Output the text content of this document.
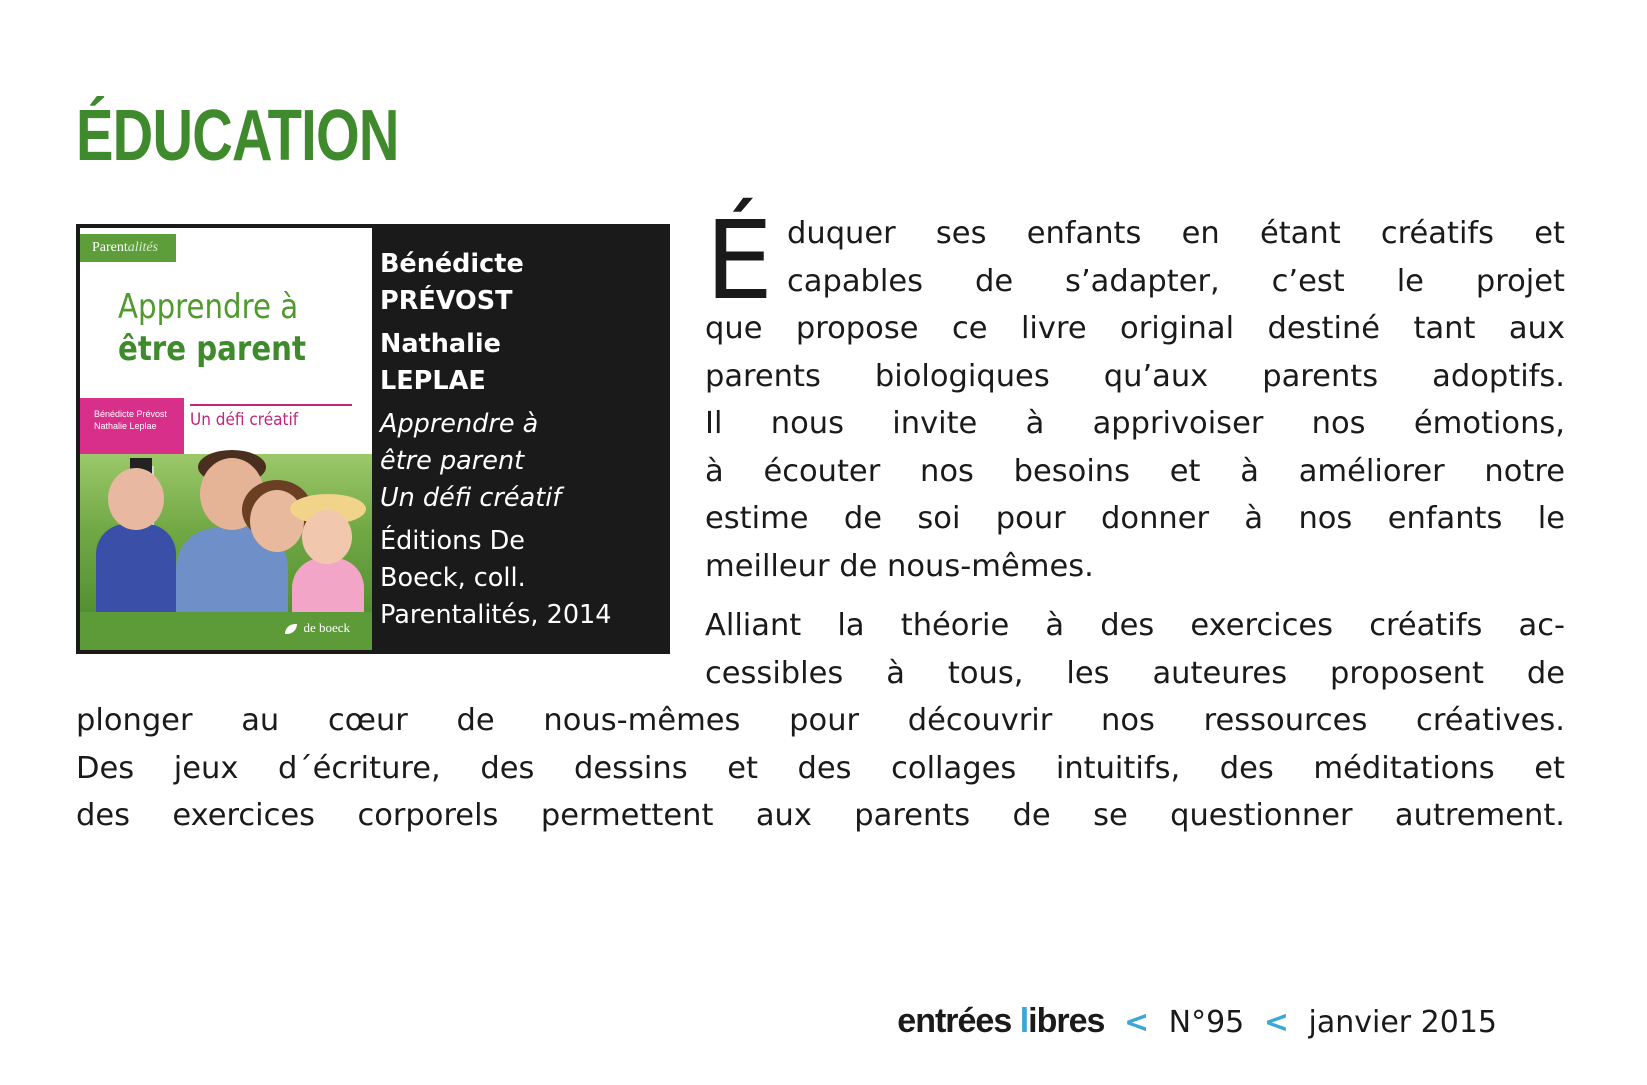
ÉDUCATION
Parentalités
Apprendre à
être parent
Bénédicte Prévost
Nathalie Leplae	Un défi créatif
de boeck
Bénédicte
PRÉVOST
Nathalie
LEPLAE
Apprendre à
être parent
Un défi créatif
Éditions De
Boeck, coll.
Parentalités, 2014
É duquer ses enfants en étant créatifs et
capables de s’adapter, c’est le projet
que propose ce livre original destiné tant aux
parents biologiques qu’aux parents adoptifs.
Il nous invite à apprivoiser nos émotions,
à écouter nos besoins et à améliorer notre
estime de soi pour donner à nos enfants le
meilleur de nous-mêmes.
Alliant la théorie à des exercices créatifs ac-
cessibles à tous, les auteures proposent de
plonger au cœur de nous-mêmes pour découvrir nos ressources créatives.
Des jeux d´écriture, des dessins et des collages intuitifs, des méditations et
des exercices corporels permettent aux parents de se questionner autrement.
entrées libres < N°95 < janvier 2015
